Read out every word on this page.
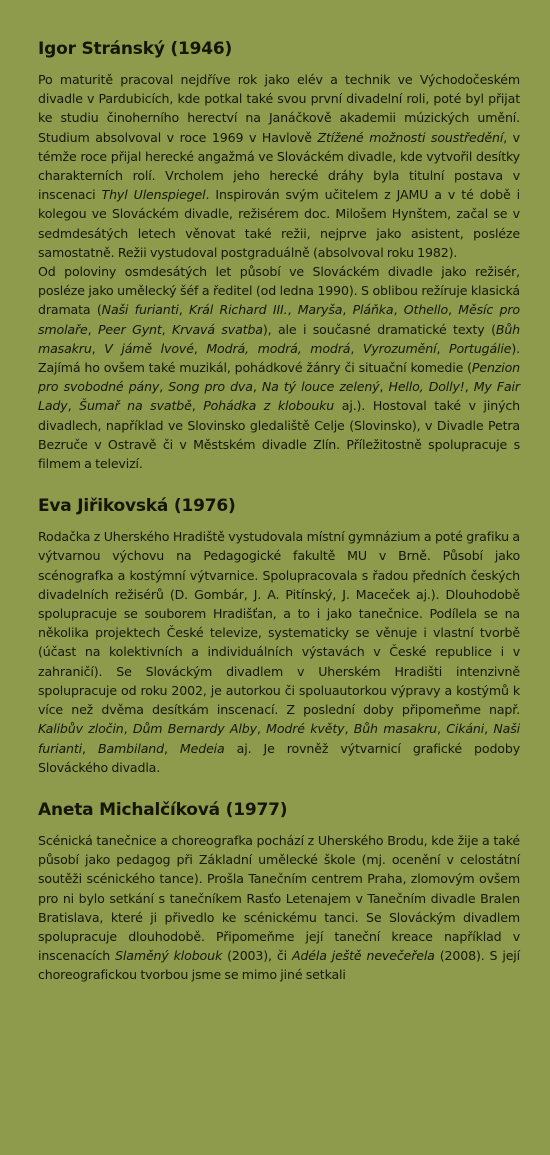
Igor Stránský (1946)

Po maturitě pracoval nejdříve rok jako elév a technik ve Východočeském divadle v Pardubicích, kde potkal také svou první divadelní roli, poté byl přijat ke studiu činoherního herectví na Janáčkově akademii múzických umění. Studium absolvoval v roce 1969 v Havlově Ztížené možnosti soustředění, v témže roce přijal herecké angažmá ve Slováckém divadle, kde vytvořil desítky charakterních rolí. Vrcholem jeho herecké dráhy byla titulní postava v inscenaci Thyl Ulenspiegel. Inspirován svým učitelem z JAMU a v té době i kolegou ve Slováckém divadle, režisérem doc. Milošem Hynštem, začal se v sedmdesátých letech věnovat také režii, nejprve jako asistent, posléze samostatně. Režii vystudoval postgraduálně (absolvoval roku 1982).

Od poloviny osmdesátých let působí ve Slováckém divadle jako režisér, posléze jako umělecký šéf a ředitel (od ledna 1990). S oblibou režíruje klasická dramata (Naši furianti, Král Richard III., Maryša, Pláňka, Othello, Měsíc pro smolaře, Peer Gynt, Krvavá svatba), ale i současné dramatické texty (Bůh masakru, V jámě lvové, Modrá, modrá, modrá, Vyrozumění, Portugálie). Zajímá ho ovšem také muzikál, pohádkové žánry či situační komedie (Penzion pro svobodné pány, Song pro dva, Na tý louce zelený, Hello, Dolly!, My Fair Lady, Šumař na svatbě, Pohádka z klobouku aj.). Hostoval také v jiných divadlech, například ve Slovinsko gledaliště Celje (Slovinsko), v Divadle Petra Bezruče v Ostravě či v Městském divadle Zlín. Příležitostně spolupracuje s filmem a televizí.

Eva Jiřikovská (1976)

Rodačka z Uherského Hradiště vystudovala místní gymnázium a poté grafiku a výtvarnou výchovu na Pedagogické fakultě MU v Brně. Působí jako scénografka a kostýmní výtvarnice. Spolupracovala s řadou předních českých divadelních režisérů (D. Gombár, J. A. Pitínský, J. Maceček aj.). Dlouhodobě spolupracuje se souborem Hradišťan, a to i jako tanečnice. Podílela se na několika projektech České televize, systematicky se věnuje i vlastní tvorbě (účast na kolektivních a individuálních výstavách v České republice i v zahraničí). Se Slováckým divadlem v Uherském Hradišti intenzivně spolupracuje od roku 2002, je autorkou či spoluautorkou výpravy a kostýmů k více než dvěma desítkám inscenací. Z poslední doby připomeňme např. Kalibův zločin, Dům Bernardy Alby, Modré květy, Bůh masakru, Cikáni, Naši furianti, Bambiland, Medeia aj. Je rovněž výtvarnicí grafické podoby Slováckého divadla.

Aneta Michalčíková (1977)

Scénická tanečnice a choreografka pochází z Uherského Brodu, kde žije a také působí jako pedagog při Základní umělecké škole (mj. ocenění v celostátní soutěži scénického tance). Prošla Tanečním centrem Praha, zlomovým ovšem pro ni bylo setkání s tanečníkem Rasťo Letenajem v Tanečním divadle Bralen Bratislava, které ji přivedlo ke scénickému tanci. Se Slováckým divadlem spolupracuje dlouhodobě. Připomeňme její taneční kreace například v inscenacích Slaměný klobouk (2003), či Adéla ještě nevečeřela (2008). S její choreografickou tvorbou jsme se mimo jiné setkali
